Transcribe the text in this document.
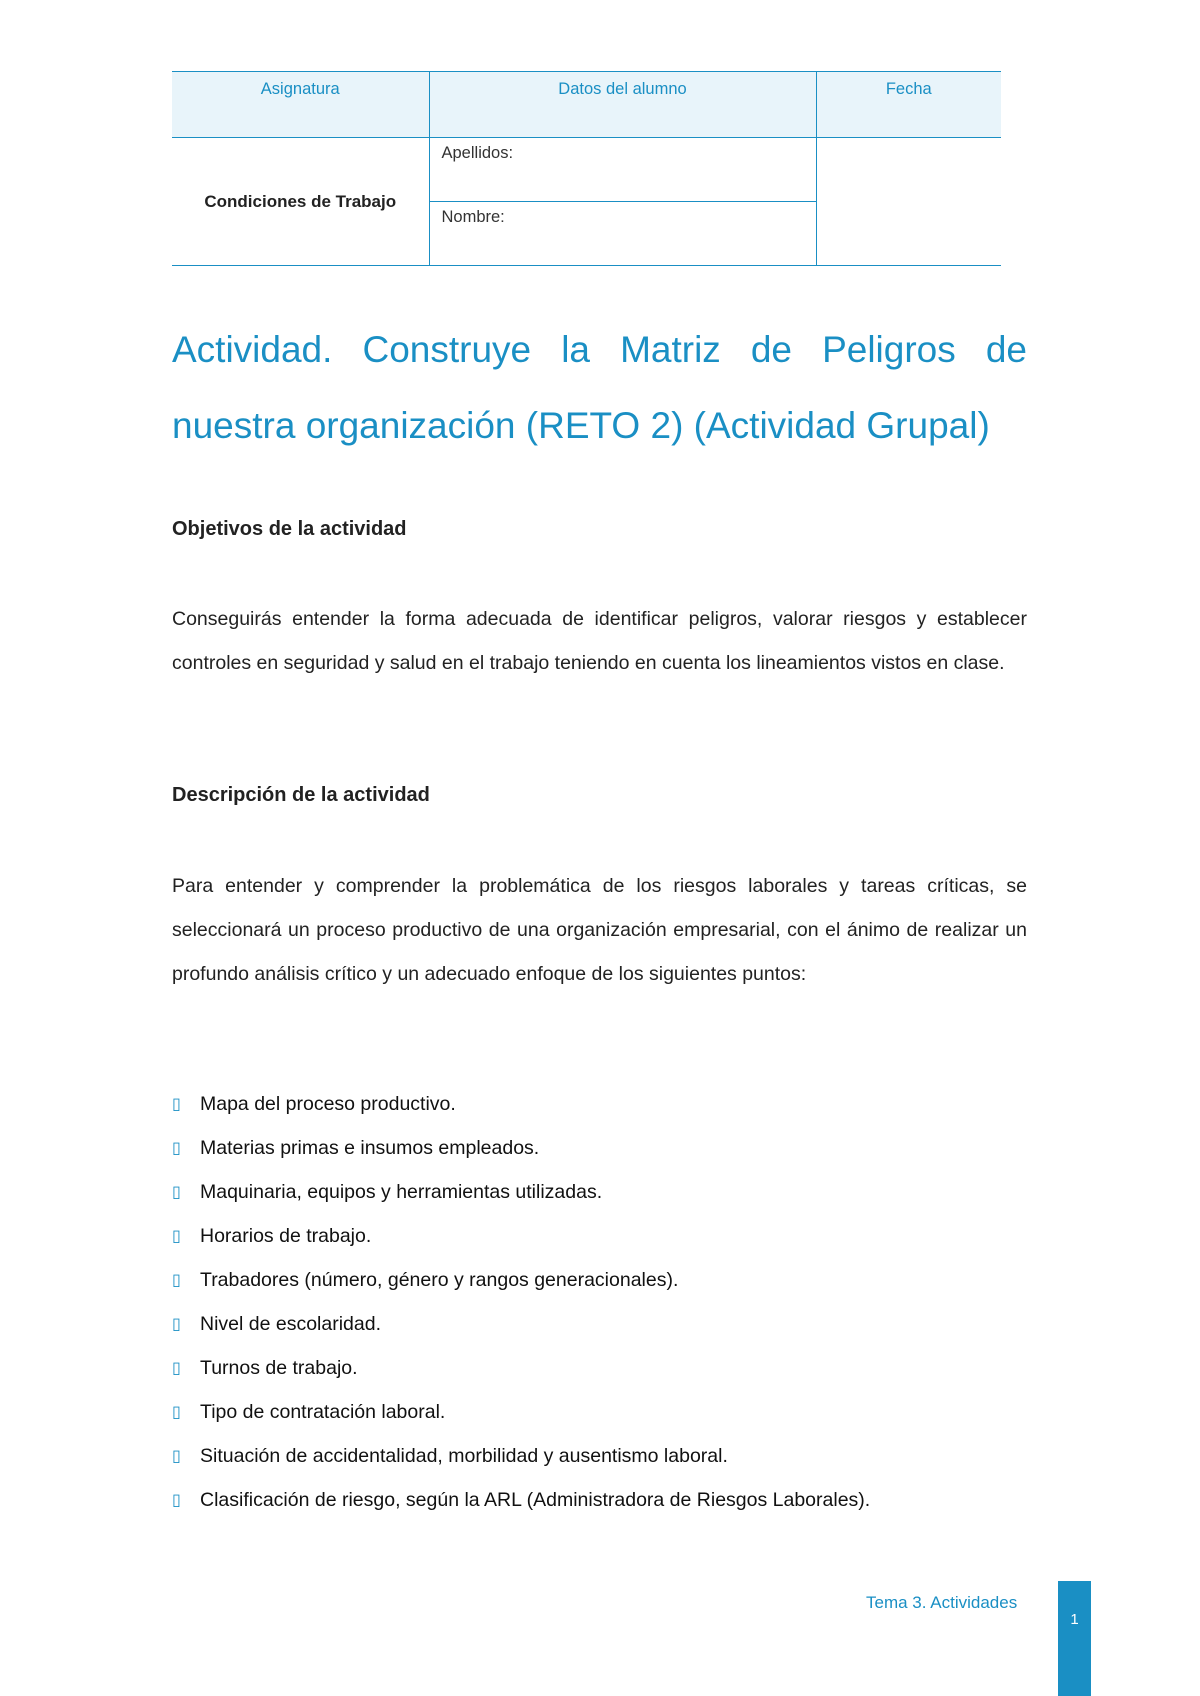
Asignatura	Datos del alumno	Fecha
Condiciones de Trabajo	Apellidos:	
	Nombre:	
Actividad. Construye la Matriz de Peligros de
nuestra organización (RETO 2) (Actividad Grupal)
Objetivos de la actividad

Conseguirás entender la forma adecuada de identificar peligros, valorar riesgos y establecer controles en seguridad y salud en el trabajo teniendo en cuenta los lineamientos vistos en clase.

Descripción de la actividad

Para entender y comprender la problemática de los riesgos laborales y tareas críticas, se seleccionará un proceso productivo de una organización empresarial, con el ánimo de realizar un profundo análisis crítico y un adecuado enfoque de los siguientes puntos:

▯ Mapa del proceso productivo.
▯ Materias primas e insumos empleados.
▯ Maquinaria, equipos y herramientas utilizadas.
▯ Horarios de trabajo.
▯ Trabadores (número, género y rangos generacionales).
▯ Nivel de escolaridad.
▯ Turnos de trabajo.
▯ Tipo de contratación laboral.
▯ Situación de accidentalidad, morbilidad y ausentismo laboral.
▯ Clasificación de riesgo, según la ARL (Administradora de Riesgos Laborales).
Tema 3. Actividades
1
